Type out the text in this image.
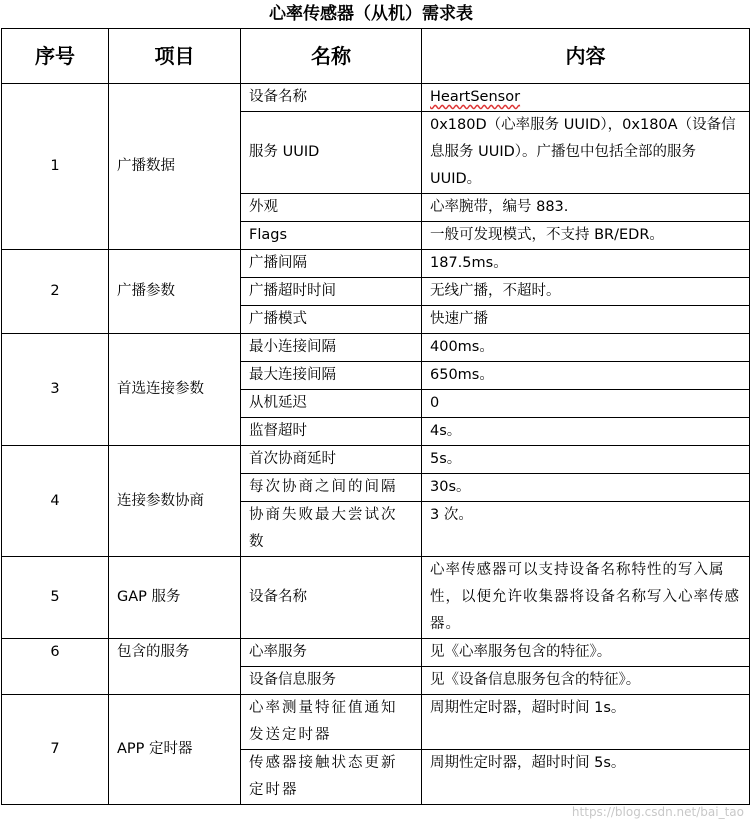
心率传感器（从机）需求表
序号	项目	名称	内容
1	广播数据	设备名称	HeartSensor
		服务 UUID	0x180D（心率服务 UUID），0x180A（设备信息服务 UUID）。广播包中包括全部的服务 UUID。
		外观	心率腕带，编号 883.
		Flags	一般可发现模式，不支持 BR/EDR。
2	广播参数	广播间隔	187.5ms。
		广播超时时间	无线广播，不超时。
		广播模式	快速广播
3	首选连接参数	最小连接间隔	400ms。
		最大连接间隔	650ms。
		从机延迟	0
		监督超时	4s。
4	连接参数协商	首次协商延时	5s。
		每次协商之间的间隔	30s。
		协商失败最大尝试次数	3 次。
5	GAP 服务	设备名称	心率传感器可以支持设备名称特性的写入属性，以便允许收集器将设备名称写入心率传感器。
6	包含的服务	心率服务	见《心率服务包含的特征》。
		设备信息服务	见《设备信息服务包含的特征》。
7	APP 定时器	心率测量特征值通知发送定时器	周期性定时器，超时时间 1s。
		传感器接触状态更新定时器	周期性定时器，超时时间 5s。
https://blog.csdn.net/bai_tao
